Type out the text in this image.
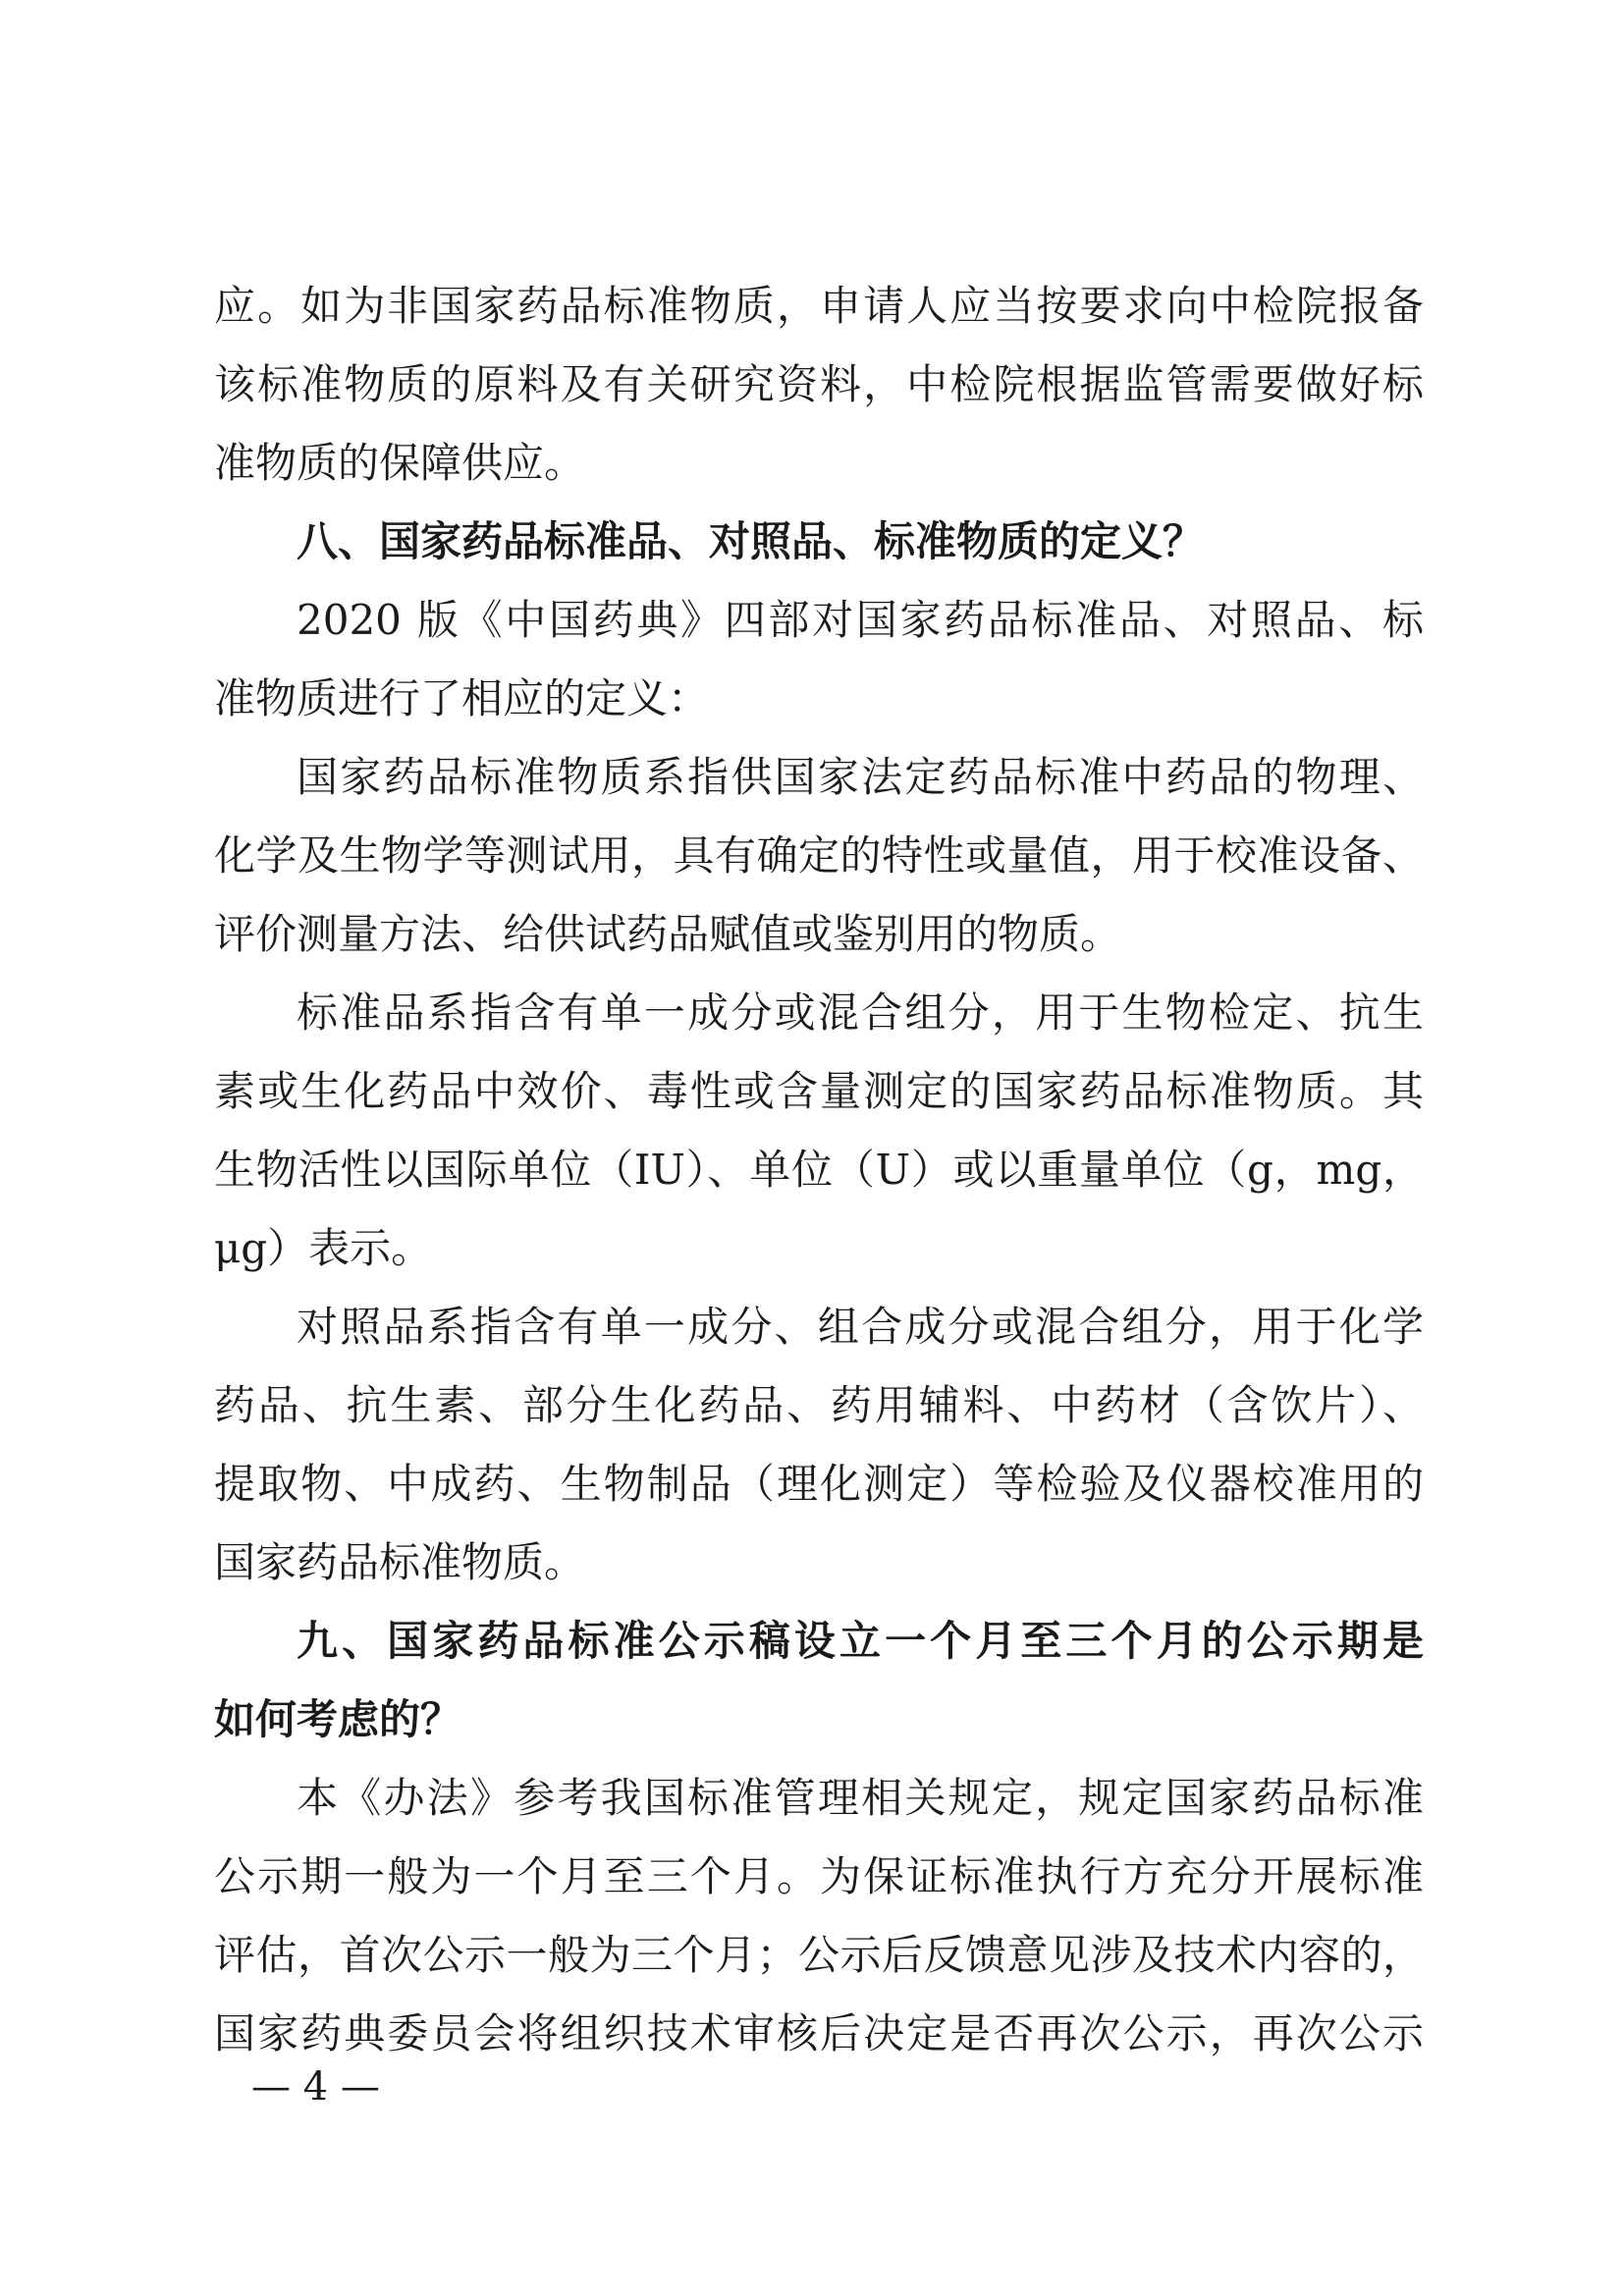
应。如为非国家药品标准物质，申请人应当按要求向中检院报备
该标准物质的原料及有关研究资料，中检院根据监管需要做好标
准物质的保障供应。
八、国家药品标准品、对照品、标准物质的定义？
2020 版《中国药典》四部对国家药品标准品、对照品、标
准物质进行了相应的定义：
国家药品标准物质系指供国家法定药品标准中药品的物理、
化学及生物学等测试用，具有确定的特性或量值，用于校准设备、
评价测量方法、给供试药品赋值或鉴别用的物质。
标准品系指含有单一成分或混合组分，用于生物检定、抗生
素或生化药品中效价、毒性或含量测定的国家药品标准物质。其
生物活性以国际单位（IU）、单位（U）或以重量单位（g，mg，
μg）表示。
对照品系指含有单一成分、组合成分或混合组分，用于化学
药品、抗生素、部分生化药品、药用辅料、中药材（含饮片）、
提取物、中成药、生物制品（理化测定）等检验及仪器校准用的
国家药品标准物质。
九、国家药品标准公示稿设立一个月至三个月的公示期是
如何考虑的？
本《办法》参考我国标准管理相关规定，规定国家药品标准
公示期一般为一个月至三个月。为保证标准执行方充分开展标准
评估，首次公示一般为三个月；公示后反馈意见涉及技术内容的，
国家药典委员会将组织技术审核后决定是否再次公示，再次公示
— 4 —
